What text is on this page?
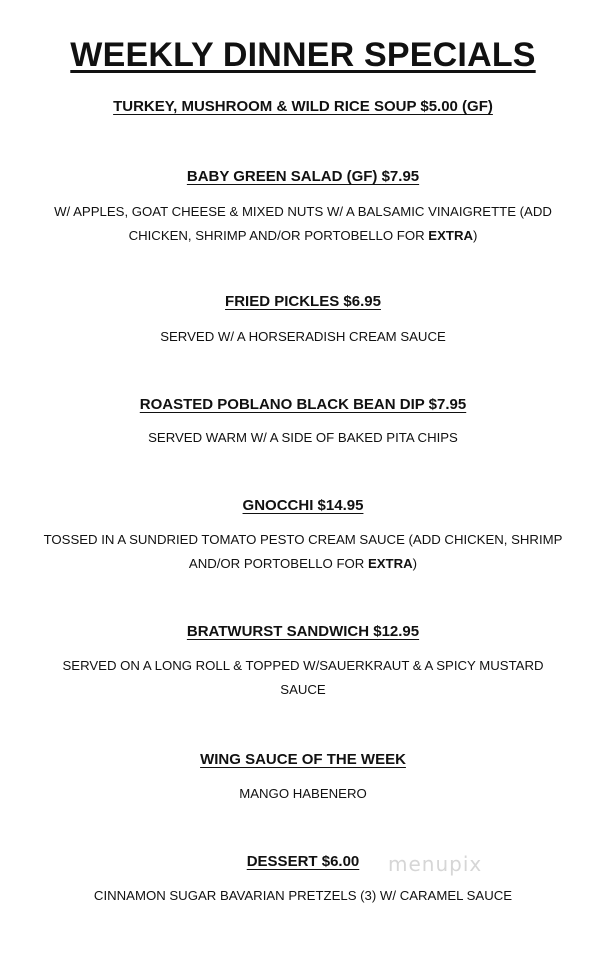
WEEKLY DINNER SPECIALS

TURKEY, MUSHROOM & WILD RICE SOUP $5.00 (GF)

BABY GREEN SALAD (GF) $7.95

W/ APPLES, GOAT CHEESE & MIXED NUTS W/ A BALSAMIC VINAIGRETTE (ADD CHICKEN, SHRIMP AND/OR PORTOBELLO FOR EXTRA)

FRIED PICKLES $6.95

SERVED W/ A HORSERADISH CREAM SAUCE

ROASTED POBLANO BLACK BEAN DIP $7.95

SERVED WARM W/ A SIDE OF BAKED PITA CHIPS

GNOCCHI $14.95

TOSSED IN A SUNDRIED TOMATO PESTO CREAM SAUCE (ADD CHICKEN, SHRIMP AND/OR PORTOBELLO FOR EXTRA)

BRATWURST SANDWICH $12.95

SERVED ON A LONG ROLL & TOPPED W/SAUERKRAUT & A SPICY MUSTARD SAUCE

WING SAUCE OF THE WEEK

MANGO HABENERO

DESSERT $6.00

CINNAMON SUGAR BAVARIAN PRETZELS (3) W/ CARAMEL SAUCE

menupix
